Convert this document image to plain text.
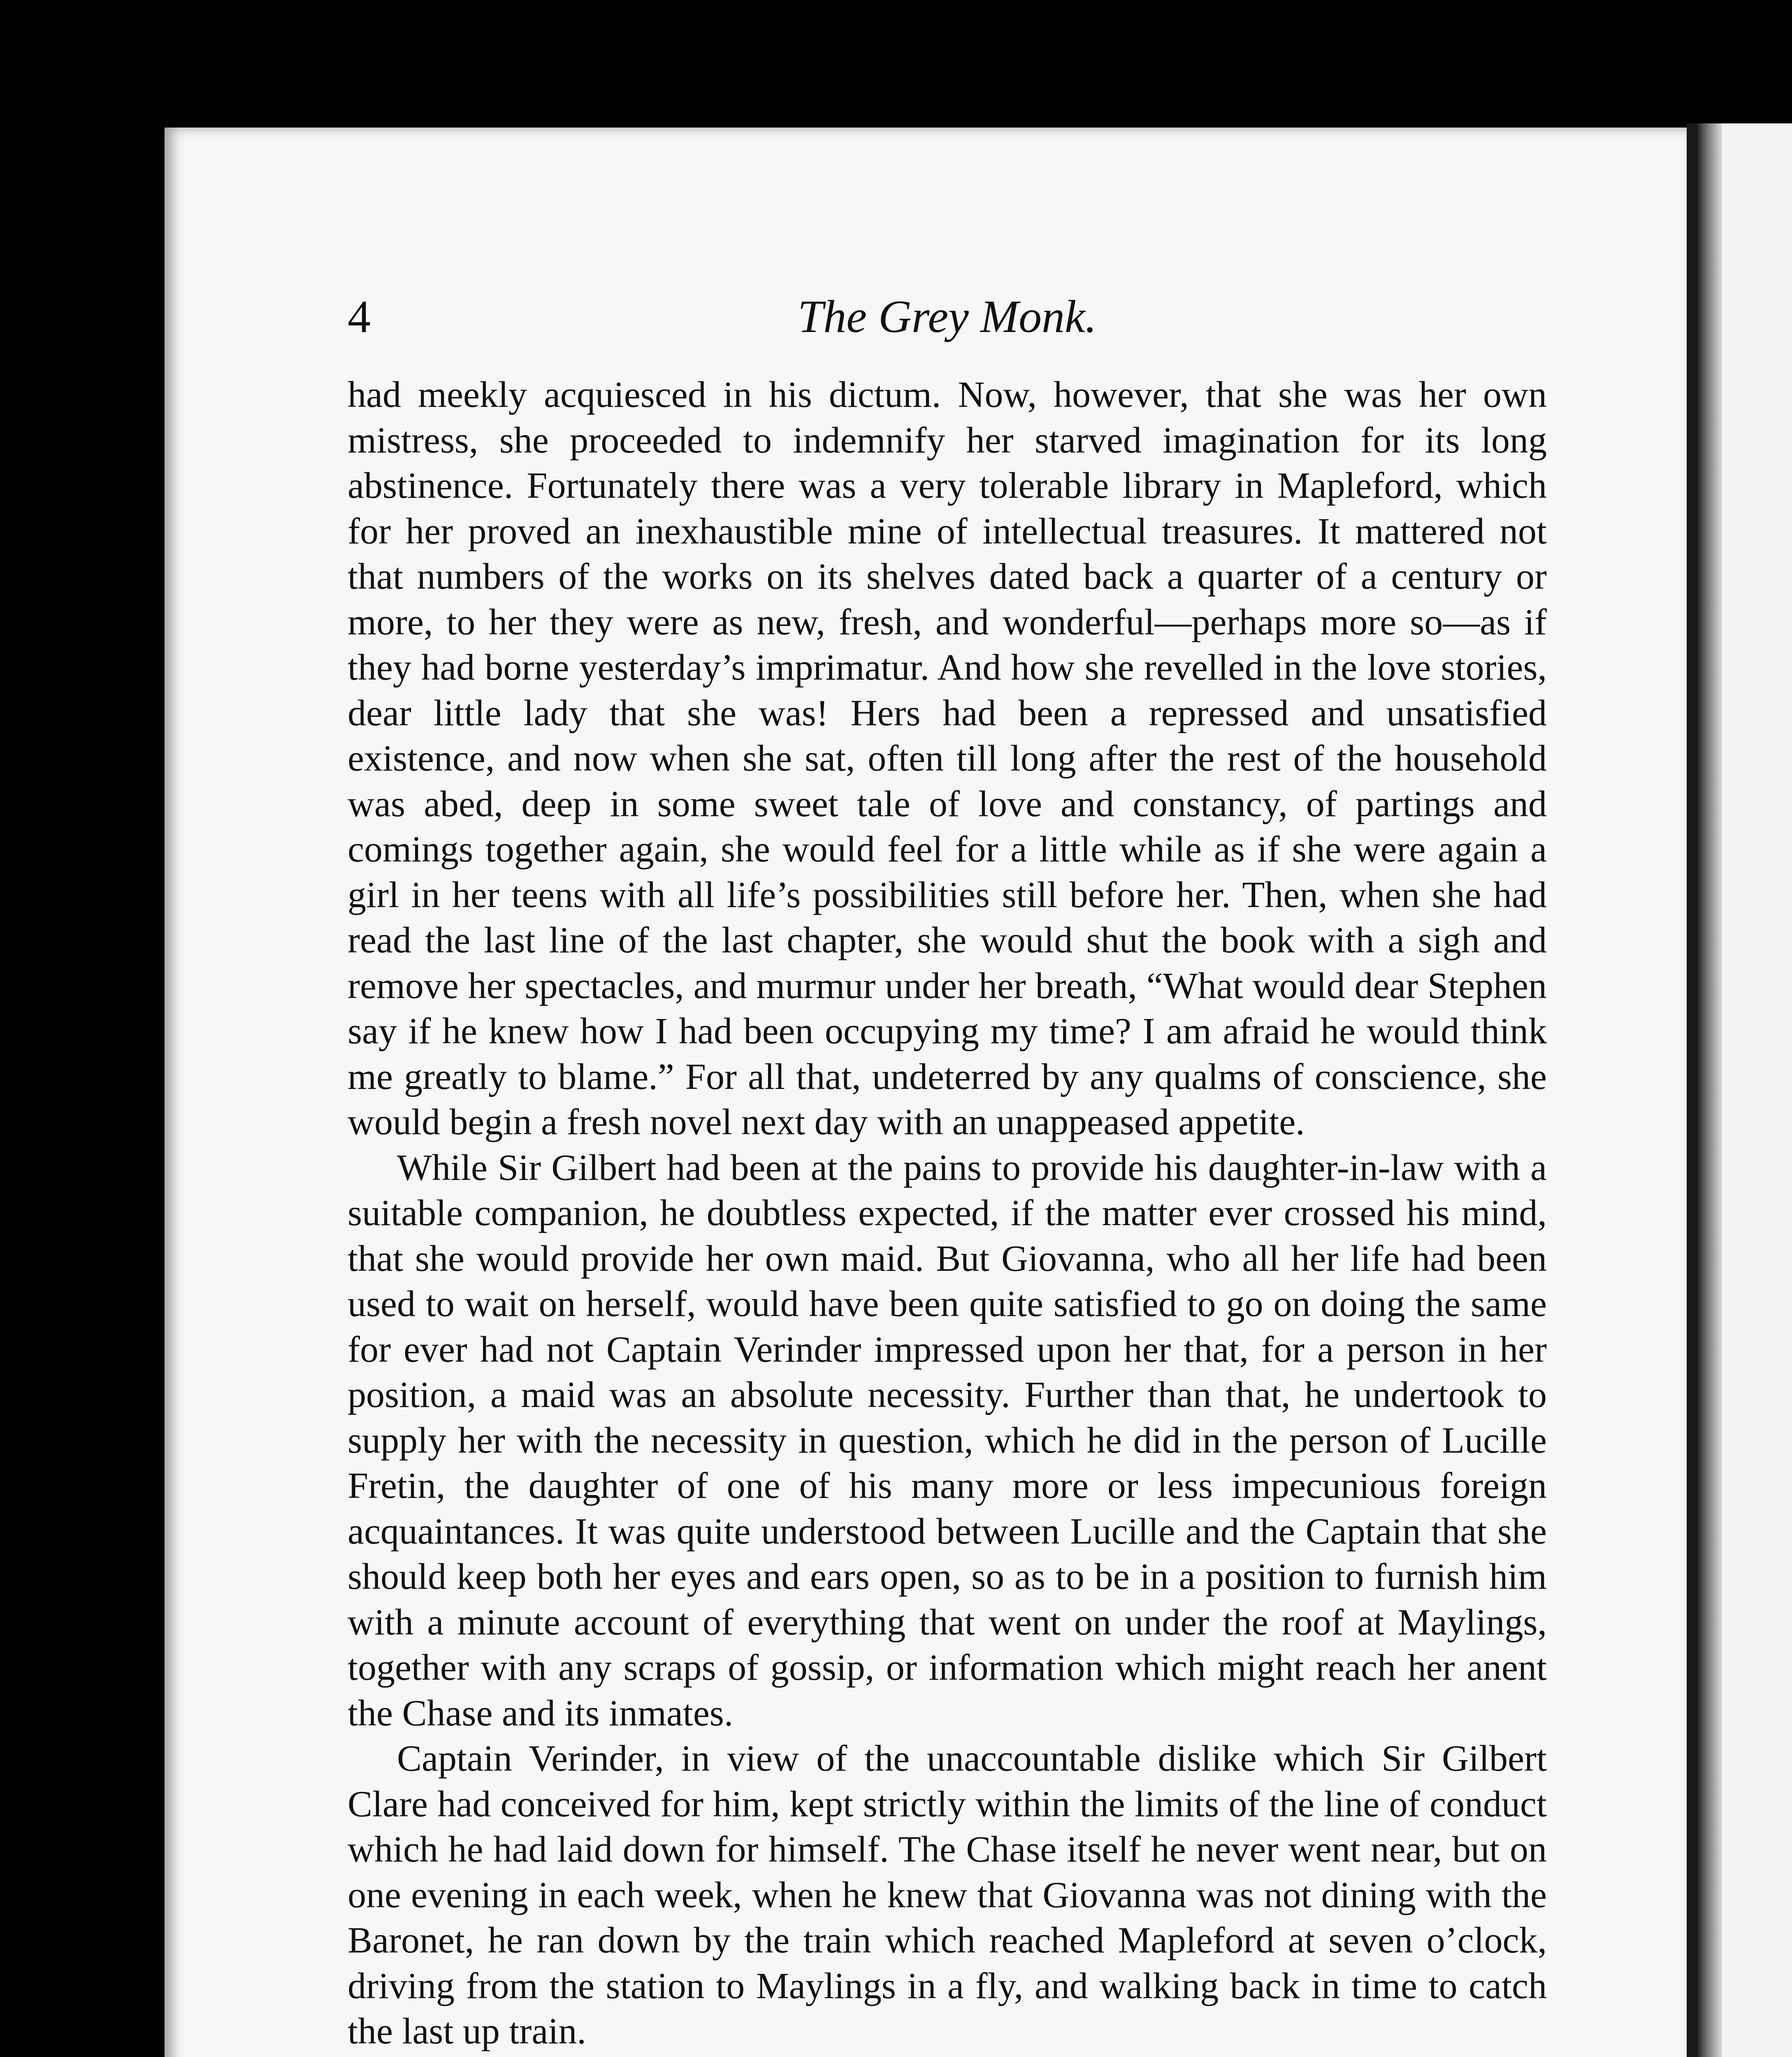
4	The Grey Monk.

had meekly acquiesced in his dictum. Now, however, that she was her own mistress, she proceeded to indemnify her starved imagination for its long abstinence. Fortunately there was a very tolerable library in Mapleford, which for her proved an inexhaustible mine of intellectual treasures. It mattered not that numbers of the works on its shelves dated back a quarter of a century or more, to her they were as new, fresh, and wonderful—perhaps more so—as if they had borne yesterday’s imprimatur. And how she revelled in the love stories, dear little lady that she was! Hers had been a repressed and unsatisfied existence, and now when she sat, often till long after the rest of the household was abed, deep in some sweet tale of love and constancy, of partings and comings together again, she would feel for a little while as if she were again a girl in her teens with all life’s possibilities still before her. Then, when she had read the last line of the last chapter, she would shut the book with a sigh and remove her spectacles, and murmur under her breath, “What would dear Stephen say if he knew how I had been occupying my time? I am afraid he would think me greatly to blame.” For all that, undeterred by any qualms of conscience, she would begin a fresh novel next day with an unappeased appetite.

While Sir Gilbert had been at the pains to provide his daughter-in-law with a suitable companion, he doubtless expected, if the matter ever crossed his mind, that she would provide her own maid. But Giovanna, who all her life had been used to wait on herself, would have been quite satisfied to go on doing the same for ever had not Captain Verinder impressed upon her that, for a person in her position, a maid was an absolute necessity. Further than that, he undertook to supply her with the necessity in question, which he did in the person of Lucille Fretin, the daughter of one of his many more or less impecunious foreign acquaintances. It was quite understood between Lucille and the Captain that she should keep both her eyes and ears open, so as to be in a position to furnish him with a minute account of everything that went on under the roof at Maylings, together with any scraps of gossip, or information which might reach her anent the Chase and its inmates.

Captain Verinder, in view of the unaccountable dislike which Sir Gilbert Clare had conceived for him, kept strictly within the limits of the line of conduct which he had laid down for himself. The Chase itself he never went near, but on one evening in each week, when he knew that Giovanna was not dining with the Baronet, he ran down by the train which reached Mapleford at seven o’clock, driving from the station to Maylings in a fly, and walking back in time to catch the last up train.
